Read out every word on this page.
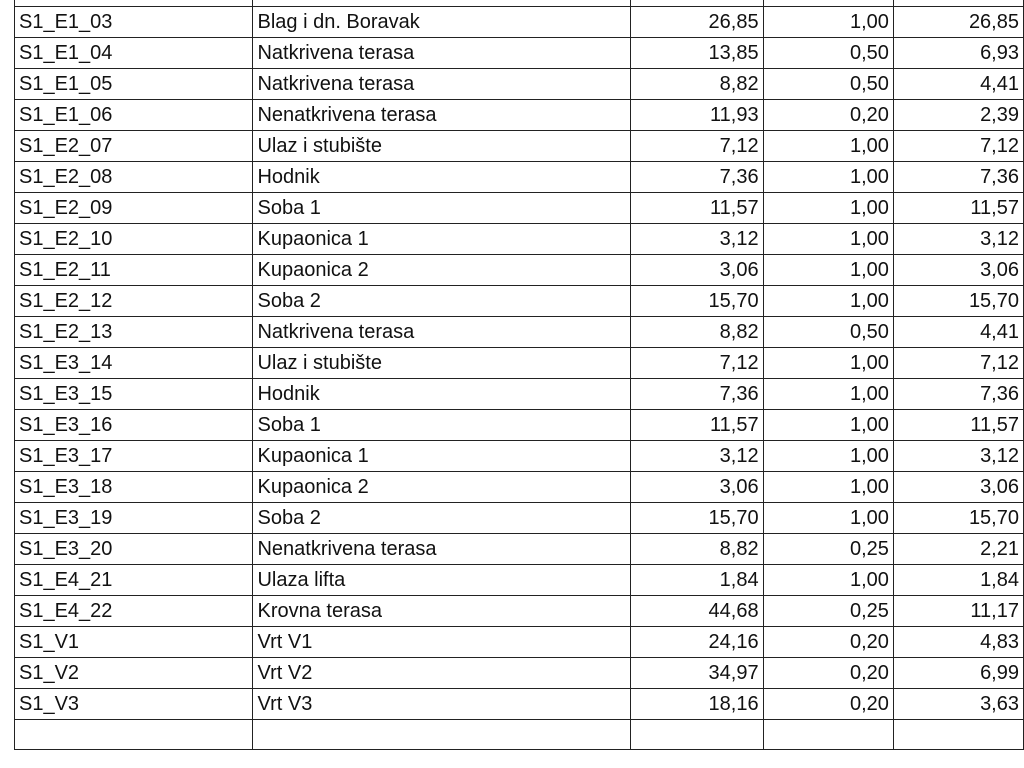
S1_E1_03	Blag i dn. Boravak	26,85	1,00	26,85
S1_E1_04	Natkrivena terasa	13,85	0,50	6,93
S1_E1_05	Natkrivena terasa	8,82	0,50	4,41
S1_E1_06	Nenatkrivena terasa	11,93	0,20	2,39
S1_E2_07	Ulaz i stubište	7,12	1,00	7,12
S1_E2_08	Hodnik	7,36	1,00	7,36
S1_E2_09	Soba 1	11,57	1,00	11,57
S1_E2_10	Kupaonica 1	3,12	1,00	3,12
S1_E2_11	Kupaonica 2	3,06	1,00	3,06
S1_E2_12	Soba 2	15,70	1,00	15,70
S1_E2_13	Natkrivena terasa	8,82	0,50	4,41
S1_E3_14	Ulaz i stubište	7,12	1,00	7,12
S1_E3_15	Hodnik	7,36	1,00	7,36
S1_E3_16	Soba 1	11,57	1,00	11,57
S1_E3_17	Kupaonica 1	3,12	1,00	3,12
S1_E3_18	Kupaonica 2	3,06	1,00	3,06
S1_E3_19	Soba 2	15,70	1,00	15,70
S1_E3_20	Nenatkrivena terasa	8,82	0,25	2,21
S1_E4_21	Ulaza lifta	1,84	1,00	1,84
S1_E4_22	Krovna terasa	44,68	0,25	11,17
S1_V1	Vrt V1	24,16	0,20	4,83
S1_V2	Vrt V2	34,97	0,20	6,99
S1_V3	Vrt V3	18,16	0,20	3,63
